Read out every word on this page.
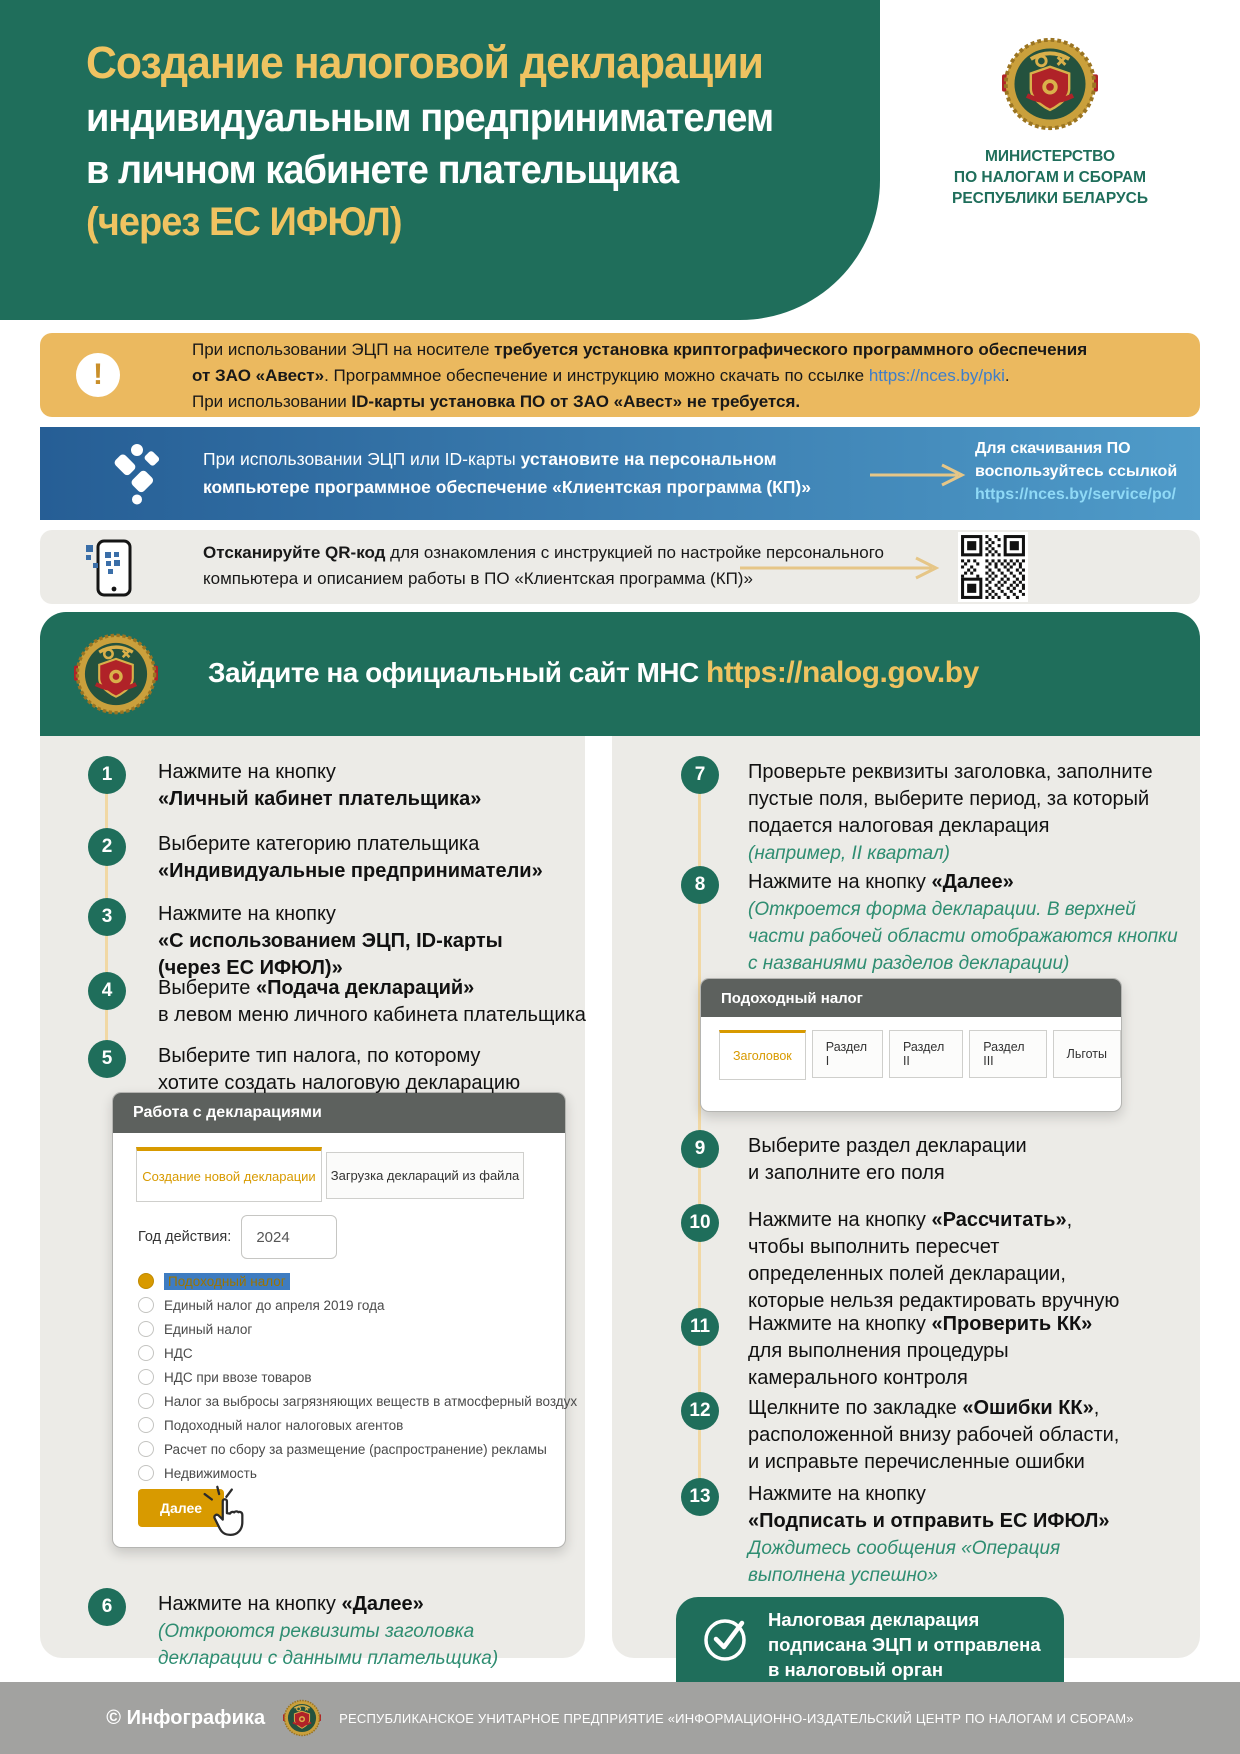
Создание налоговой декларации
индивидуальным предпринимателем
в личном кабинете плательщика
(через ЕС ИФЮЛ)
МИНИСТЕРСТВО
ПО НАЛОГАМ И СБОРАМ
РЕСПУБЛИКИ БЕЛАРУСЬ
При использовании ЭЦП на носителе требуется установка криптографического программного обеспечения
от ЗАО «Авест». Программное обеспечение и инструкцию можно скачать по ссылке https://nces.by/pki.
При использовании ID-карты установка ПО от ЗАО «Авест» не требуется.
!
При использовании ЭЦП или ID-карты установите на персональном
компьютере программное обеспечение «Клиентская программа (КП)»
Для скачивания ПО
воспользуйтесь ссылкой
https://nces.by/service/po/
Отсканируйте QR-код для ознакомления с инструкцией по настройке персонального
компьютера и описанием работы в ПО «Клиентская программа (КП)»
Зайдите на официальный сайт МНС https://nalog.gov.by
1	Нажмите на кнопку
«Личный кабинет плательщика»
2	Выберите категорию плательщика
«Индивидуальные предприниматели»
3	Нажмите на кнопку
«С использованием ЭЦП, ID-карты
(через ЕС ИФЮЛ)»
4	Выберите «Подача деклараций»
в левом меню личного кабинета плательщика
5	Выберите тип налога, по которому
хотите создать налоговую декларацию
6	Нажмите на кнопку «Далее»
(Откроются реквизиты заголовка
декларации с данными плательщика)
Работа с декларациями
Создание новой декларации	Загрузка деклараций из файла
Год действия:	2024
Подоходный налог
Единый налог до апреля 2019 года
Единый налог
НДС
НДС при ввозе товаров
Налог за выбросы загрязняющих веществ в атмосферный воздух
Подоходный налог налоговых агентов
Расчет по сбору за размещение (распространение) рекламы
Недвижимость
Далее
7	Проверьте реквизиты заголовка, заполните
пустые поля, выберите период, за который
подается налоговая декларация
(например, II квартал)
8	Нажмите на кнопку «Далее»
(Откроется форма декларации. В верхней
части рабочей области отображаются кнопки
с названиями разделов декларации)
9	Выберите раздел декларации
и заполните его поля
10	Нажмите на кнопку «Рассчитать»,
чтобы выполнить пересчет
определенных полей декларации,
которые нельзя редактировать вручную
11	Нажмите на кнопку «Проверить КК»
для выполнения процедуры
камерального контроля
12	Щелкните по закладке «Ошибки КК»,
расположенной внизу рабочей области,
и исправьте перечисленные ошибки
13	Нажмите на кнопку
«Подписать и отправить ЕС ИФЮЛ»
Дождитесь сообщения «Операция
выполнена успешно»
Подоходный налог
Заголовок
Раздел I
Раздел II
Раздел III	Льготы
Налоговая декларация
подписана ЭЦП и отправлена
в налоговый орган
© Инфографика	РЕСПУБЛИКАНСКОЕ УНИТАРНОЕ ПРЕДПРИЯТИЕ «ИНФОРМАЦИОННО-ИЗДАТЕЛЬСКИЙ ЦЕНТР ПО НАЛОГАМ И СБОРАМ»
